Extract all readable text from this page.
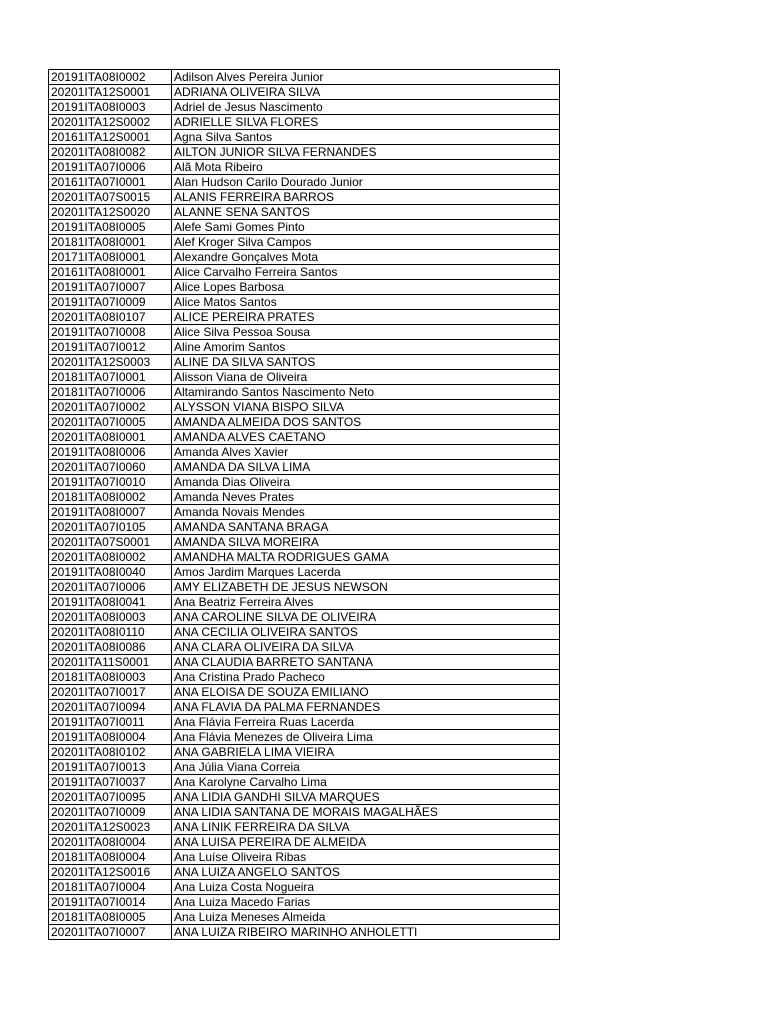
20191ITA08I0002	Adilson Alves Pereira Junior
20201ITA12S0001	ADRIANA OLIVEIRA SILVA
20191ITA08I0003	Adriel de Jesus Nascimento
20201ITA12S0002	ADRIELLE SILVA FLORES
20161ITA12S0001	Agna Silva Santos
20201ITA08I0082	AILTON JUNIOR SILVA FERNANDES
20191ITA07I0006	Alã Mota Ribeiro
20161ITA07I0001	Alan Hudson Carilo Dourado Junior
20201ITA07S0015	ALANIS FERREIRA BARROS
20201ITA12S0020	ALANNE SENA SANTOS
20191ITA08I0005	Alefe Sami Gomes Pinto
20181ITA08I0001	Alef Kroger Silva Campos
20171ITA08I0001	Alexandre Gonçalves Mota
20161ITA08I0001	Alice Carvalho Ferreira Santos
20191ITA07I0007	Alice Lopes Barbosa
20191ITA07I0009	Alice Matos Santos
20201ITA08I0107	ALICE PEREIRA PRATES
20191ITA07I0008	Alice Silva Pessoa Sousa
20191ITA07I0012	Aline Amorim Santos
20201ITA12S0003	ALINE DA SILVA SANTOS
20181ITA07I0001	Alisson Viana de Oliveira
20181ITA07I0006	Altamirando Santos Nascimento Neto
20201ITA07I0002	ALYSSON VIANA BISPO SILVA
20201ITA07I0005	AMANDA ALMEIDA DOS SANTOS
20201ITA08I0001	AMANDA ALVES CAETANO
20191ITA08I0006	Amanda Alves Xavier
20201ITA07I0060	AMANDA DA SILVA LIMA
20191ITA07I0010	Amanda Dias Oliveira
20181ITA08I0002	Amanda Neves Prates
20191ITA08I0007	Amanda Novais Mendes
20201ITA07I0105	AMANDA SANTANA BRAGA
20201ITA07S0001	AMANDA SILVA MOREIRA
20201ITA08I0002	AMANDHA MALTA RODRIGUES GAMA
20191ITA08I0040	Amos Jardim Marques Lacerda
20201ITA07I0006	AMY ELIZABETH DE JESUS NEWSON
20191ITA08I0041	Ana Beatriz Ferreira Alves
20201ITA08I0003	ANA CAROLINE SILVA DE OLIVEIRA
20201ITA08I0110	ANA CECILIA OLIVEIRA SANTOS
20201ITA08I0086	ANA CLARA OLIVEIRA DA SILVA
20201ITA11S0001	ANA CLAUDIA BARRETO SANTANA
20181ITA08I0003	Ana Cristina Prado Pacheco
20201ITA07I0017	ANA ELOISA DE SOUZA EMILIANO
20201ITA07I0094	ANA FLAVIA DA PALMA FERNANDES
20191ITA07I0011	Ana Flávia Ferreira Ruas Lacerda
20191ITA08I0004	Ana Flávia Menezes de Oliveira Lima
20201ITA08I0102	ANA GABRIELA LIMA VIEIRA
20191ITA07I0013	Ana Júlia Viana Correia
20191ITA07I0037	Ana Karolyne Carvalho Lima
20201ITA07I0095	ANA LIDIA GANDHI SILVA MARQUES
20201ITA07I0009	ANA LIDIA SANTANA DE MORAIS MAGALHÃES
20201ITA12S0023	ANA LINIK FERREIRA DA SILVA
20201ITA08I0004	ANA LUISA PEREIRA DE ALMEIDA
20181ITA08I0004	Ana Luíse Oliveira Ribas
20201ITA12S0016	ANA LUIZA ANGELO SANTOS
20181ITA07I0004	Ana Luiza Costa Nogueira
20191ITA07I0014	Ana Luiza Macedo Farias
20181ITA08I0005	Ana Luiza Meneses Almeida
20201ITA07I0007	ANA LUIZA RIBEIRO MARINHO ANHOLETTI
